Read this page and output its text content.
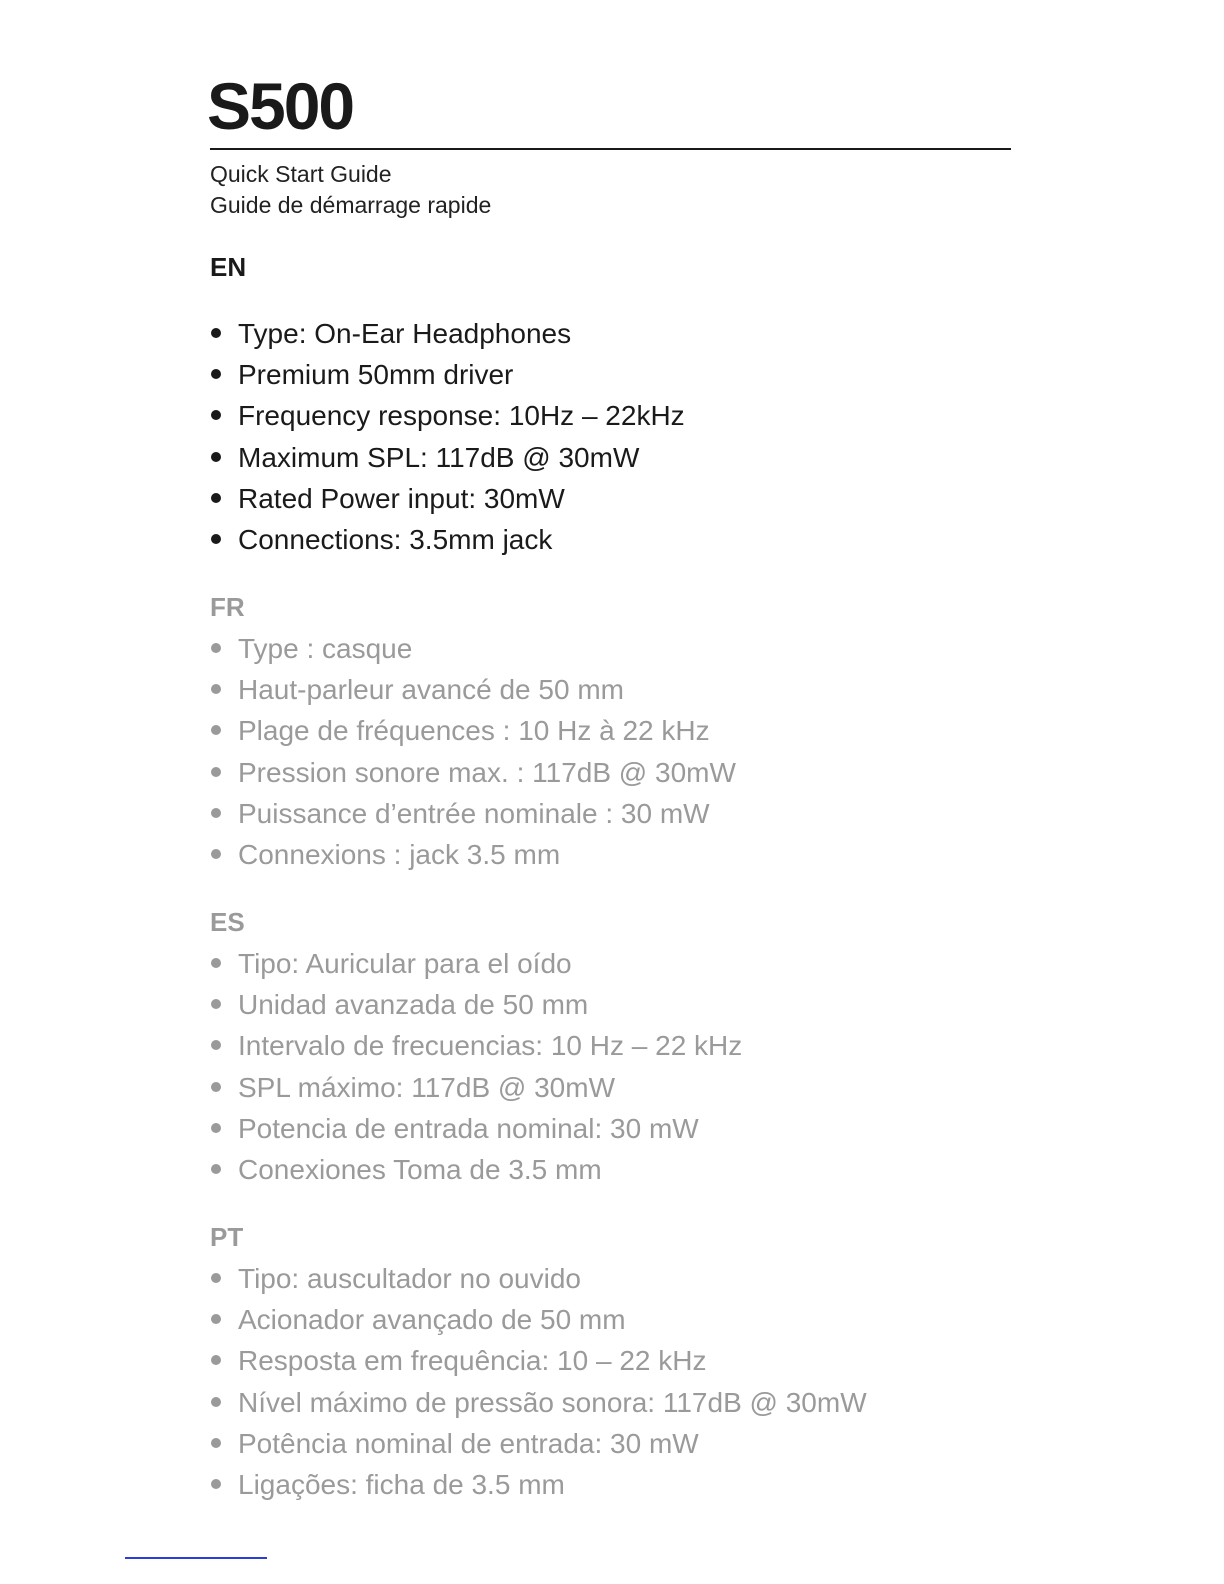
S500

Quick Start Guide

Guide de démarrage rapide

EN
Type: On-Ear Headphones
Premium 50mm driver
Frequency response: 10Hz – 22kHz
Maximum SPL: 117dB @ 30mW
Rated Power input: 30mW
Connections: 3.5mm jack
FR
Type : casque
Haut-parleur avancé de 50 mm
Plage de fréquences : 10 Hz à 22 kHz
Pression sonore max. : 117dB @ 30mW
Puissance d’entrée nominale : 30 mW
Connexions : jack 3.5 mm
ES
Tipo: Auricular para el oído
Unidad avanzada de 50 mm
Intervalo de frecuencias: 10 Hz – 22 kHz
SPL máximo: 117dB @ 30mW
Potencia de entrada nominal: 30 mW
Conexiones Toma de 3.5 mm
PT
Tipo: auscultador no ouvido
Acionador avançado de 50 mm
Resposta em frequência: 10 – 22 kHz
Nível máximo de pressão sonora: 117dB @ 30mW
Potência nominal de entrada: 30 mW
Ligações: ficha de 3.5 mm
